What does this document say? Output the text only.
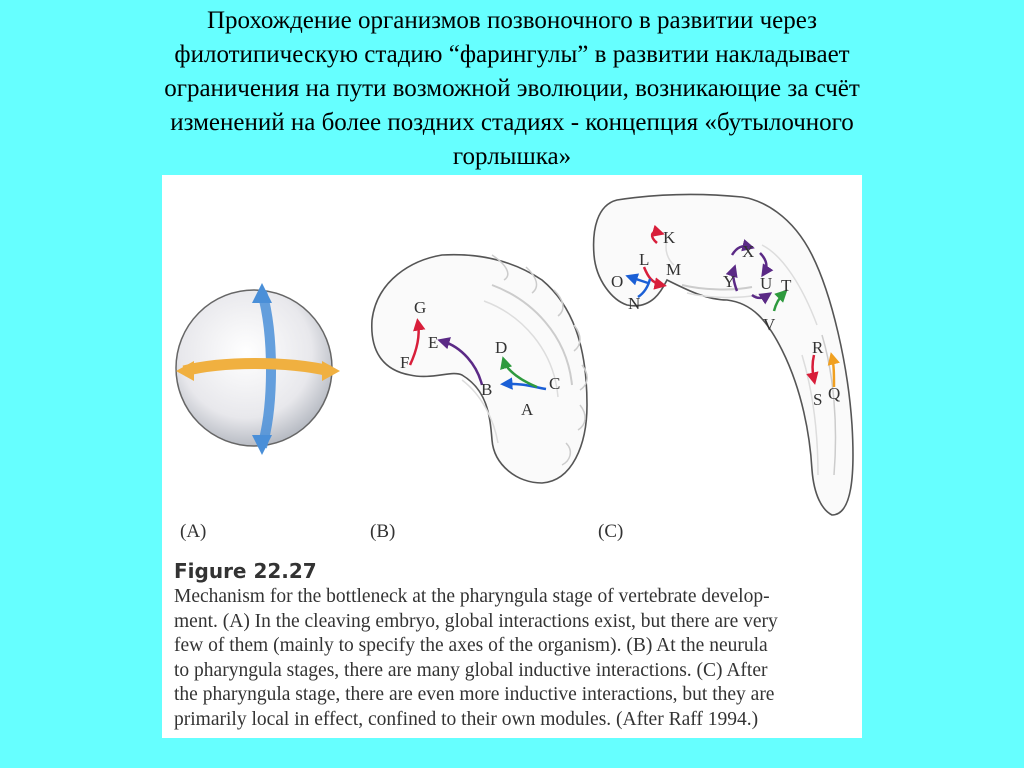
Прохождение организмов позвоночного в развитии через
филотипическую стадию “фарингулы” в развитии накладывает
ограничения на пути возможной эволюции, возникающие за счёт
изменений на более поздних стадиях - концепция «бутылочного
горлышка»
G
E
F
D
B	C
A
K
L
M
O
N
X
Y U T
V
R
S Q
(A)	(B)	(C)
Figure 22.27
Mechanism for the bottleneck at the pharyngula stage of vertebrate develop-
ment. (A) In the cleaving embryo, global interactions exist, but there are very
few of them (mainly to specify the axes of the organism). (B) At the neurula
to pharyngula stages, there are many global inductive interactions. (C) After
the pharyngula stage, there are even more inductive interactions, but they are
primarily local in effect, confined to their own modules. (After Raff 1994.)
